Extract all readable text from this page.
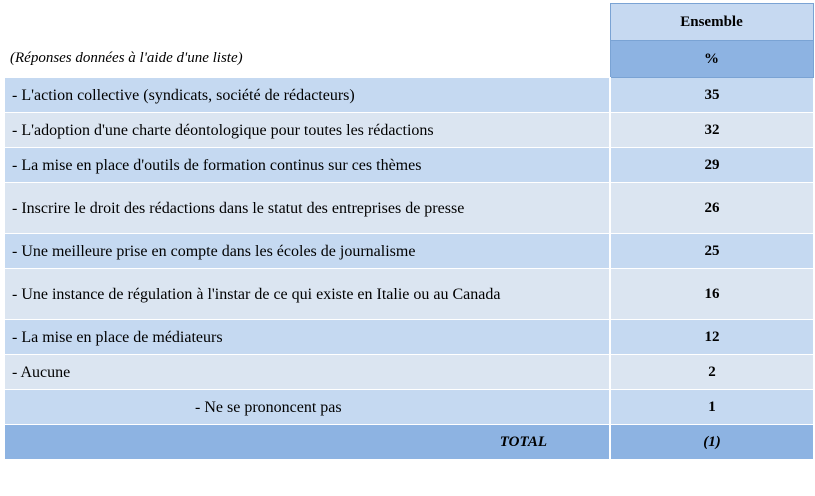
	Ensemble
(Réponses données à l'aide d'une liste)	%
- L'action collective (syndicats, société de rédacteurs)	35
- L'adoption d'une charte déontologique pour toutes les rédactions	32
- La mise en place d'outils de formation continus sur ces thèmes	29
- Inscrire le droit des rédactions dans le statut des entreprises de presse	26
- Une meilleure prise en compte dans les écoles de journalisme	25
- Une instance de régulation à l'instar de ce qui existe en Italie ou au Canada	16
- La mise en place de médiateurs	12
- Aucune	2
- Ne se prononcent pas	1
TOTAL	(1)
